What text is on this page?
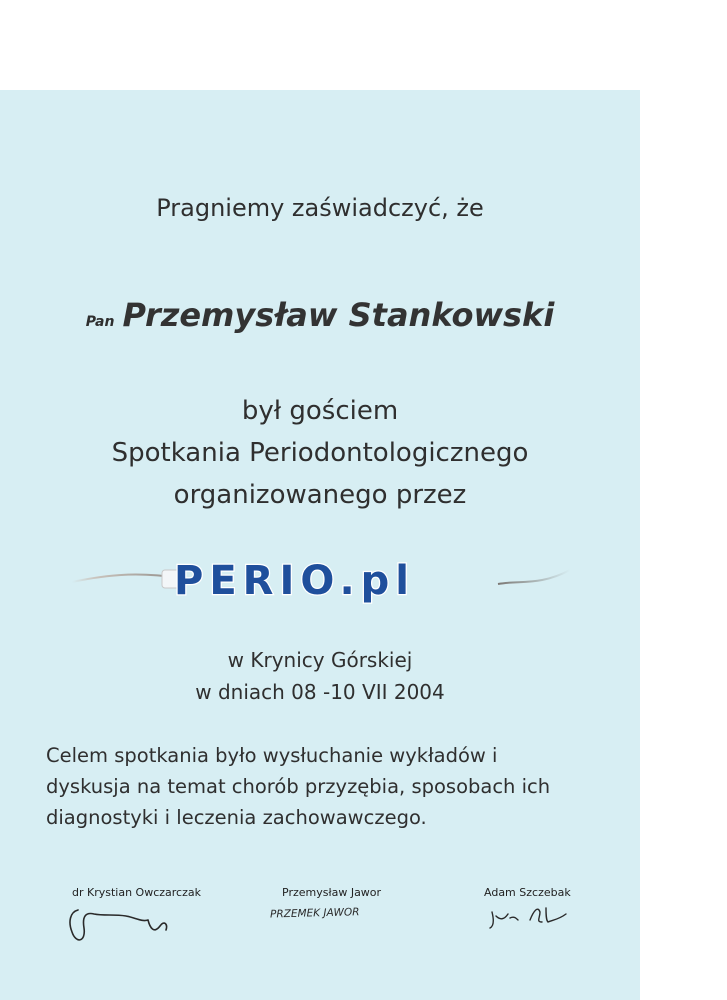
Pragniemy zaświadczyć, że
Pan Przemysław Stankowski
był gościem
Spotkania Periodontologicznego
organizowanego przez
PERIO.pl
w Krynicy Górskiej
w dniach 08 -10 VII 2004
Celem spotkania było wysłuchanie wykładów i
dyskusja na temat chorób przyzębia, sposobach ich
diagnostyki i leczenia zachowawczego.
dr Krystian Owczarczak	Przemysław Jawor	Adam Szczebak
PRZEMEK JAWOR
